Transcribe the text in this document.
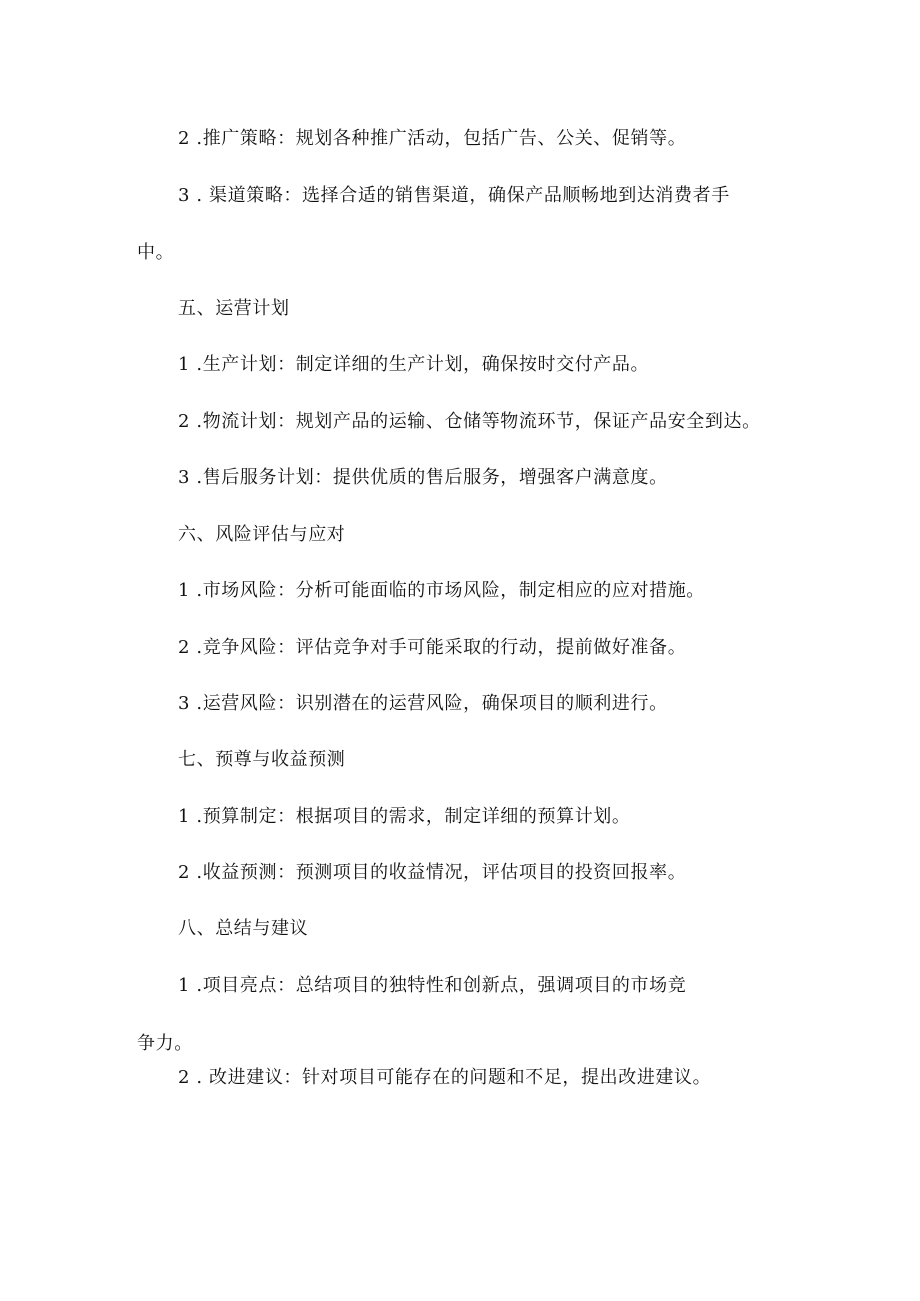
2 .推广策略：规划各种推广活动，包括广告、公关、促销等。

3 . 渠道策略：选择合适的销售渠道，确保产品顺畅地到达消费者手

中。

五、运营计划

1 .生产计划：制定详细的生产计划，确保按时交付产品。

2 .物流计划：规划产品的运输、仓储等物流环节，保证产品安全到达。

3 .售后服务计划：提供优质的售后服务，增强客户满意度。

六、风险评估与应对

1 .市场风险：分析可能面临的市场风险，制定相应的应对措施。

2 .竞争风险：评估竞争对手可能采取的行动，提前做好准备。

3 .运营风险：识别潜在的运营风险，确保项目的顺利进行。

七、预尊与收益预测

1 .预算制定：根据项目的需求，制定详细的预算计划。

2 .收益预测：预测项目的收益情况，评估项目的投资回报率。

八、总结与建议

1 .项目亮点：总结项目的独特性和创新点，强调项目的市场竞

争力。

2 . 改进建议：针对项目可能存在的问题和不足，提出改进建议。
